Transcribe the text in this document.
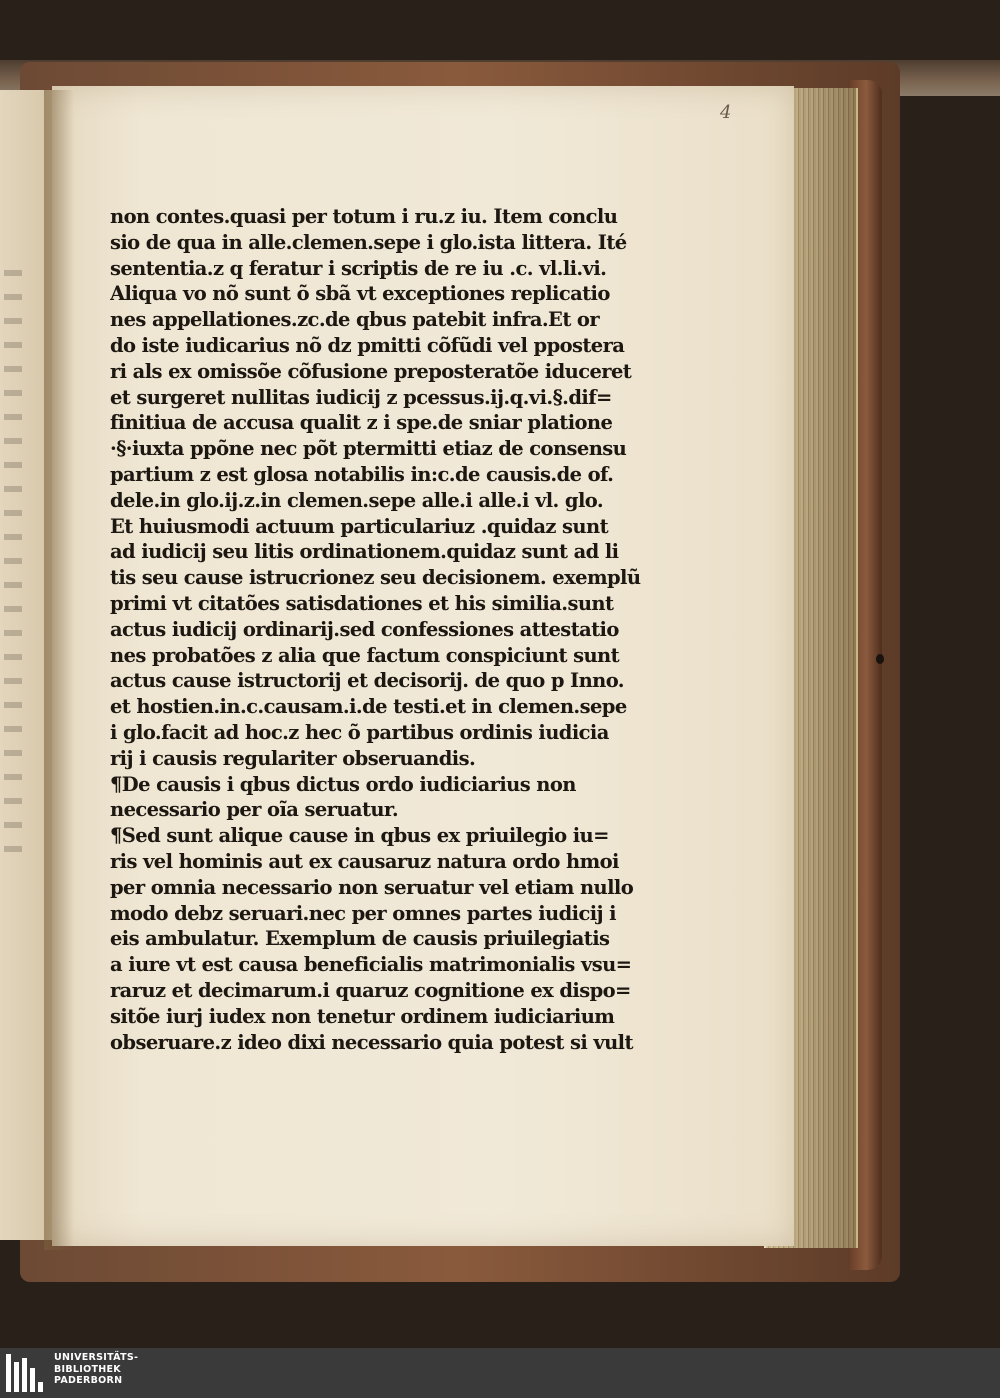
4
non contes.quasi per totum i ru.z iu. Item conclu
sio de qua in alle.clemen.sepe i glo.ista littera. Ité
sententia.z q feratur i scriptis de re iu .c. vl.li.vi.
Aliqua vo nõ sunt õ sbã vt exceptiones replicatio
nes appellationes.zc.de qbus patebit infra.Et or
do iste iudicarius nõ dz pmitti cõfũdi vel pposterа
ri als ex omissõe cõfusione preposteratõe iduceret
et surgeret nullitas iudicij z pcessus.ij.q.vi.§.dif=
finitiua de accusa qualit z i spe.de sniar platione
·§·iuxta ppõne nec põt ptermitti etiaz de consensu
partium z est glosa notabilis in:c.de causis.de of.
dele.in glo.ij.z.in clemen.sepe alle.i alle.i vl. glo.
Et huiusmodi actuum particulariuz .quidaz sunt
ad iudicij seu litis ordinationem.quidaz sunt ad li
tis seu cause istrucrionez seu decisionem. exemplũ
primi vt citatões satisdationes et his similia.sunt
actus iudicij ordinarij.sed confessiones attestatio
nes probatões z alia que factum conspiciunt sunt
actus cause istructorij et decisorij. de quo p Inno.
et hostien.in.c.causam.i.de testi.et in clemen.sepe
i glo.facit ad hoc.z hec õ partibus ordinis iudicia
rij i causis regulariter obseruandis.
¶De causis i qbus dictus ordo iudiciarius non
necessario per oĩa seruatur.
¶Sed sunt alique cause in qbus ex priuilegio iu=
ris vel hominis aut ex causaruz natura ordo hmoi
per omnia necessario non seruatur vel etiam nullo
modo debz seruari.nec per omnes partes iudicij i
eis ambulatur. Exemplum de causis priuilegiatis
a iure vt est causa beneficialis matrimonialis vsu=
raruz et decimarum.i quaruz cognitione ex dispo=
sitõe iurj iudex non tenetur ordinem iudiciarium
obseruarе.z ideo dixi necessario quia potest si vult
UNIVERSITÄTS-
BIBLIOTHEK
PADERBORN
